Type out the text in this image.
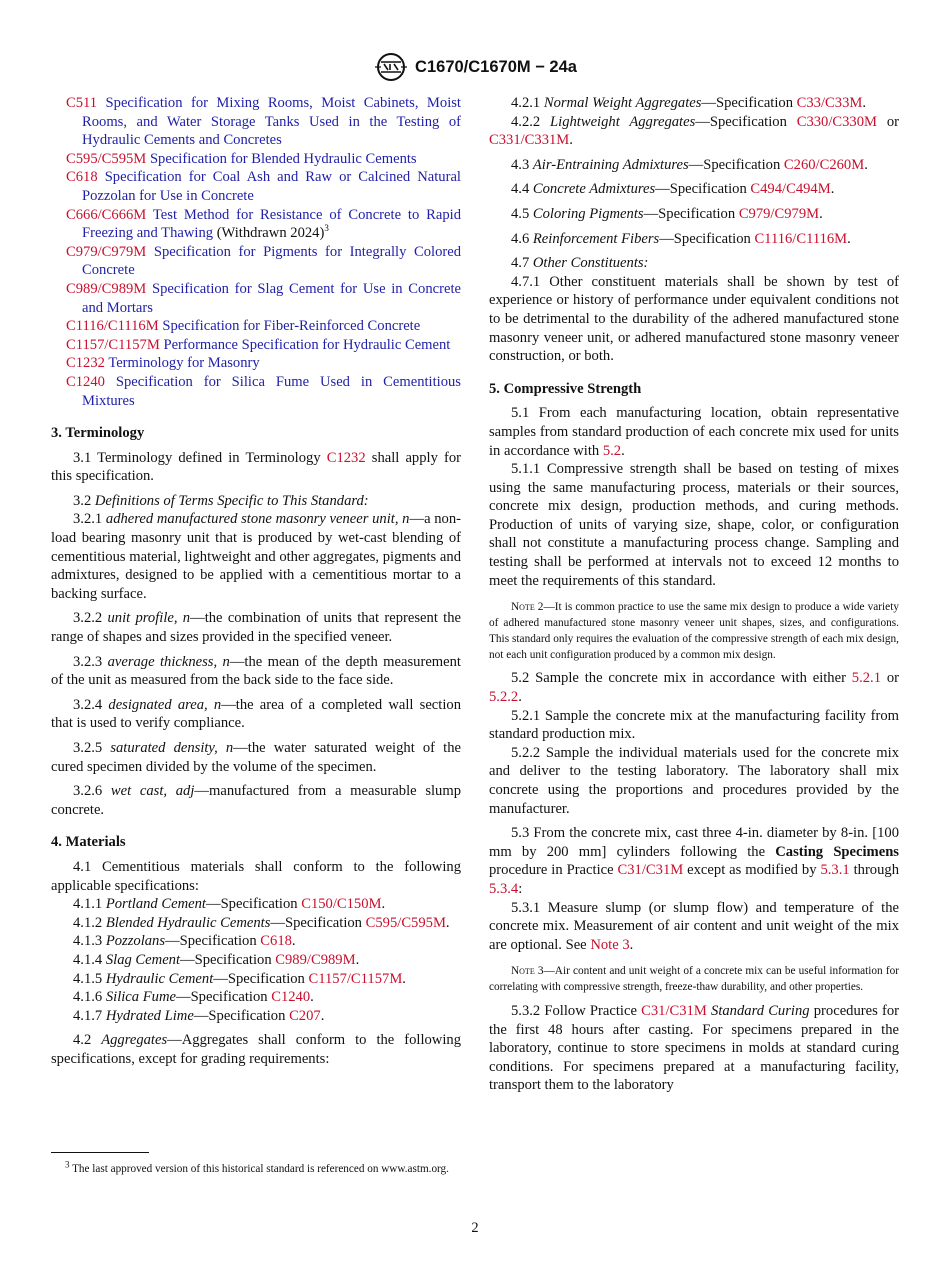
C1670/C1670M − 24a

C511 Specification for Mixing Rooms, Moist Cabinets, Moist Rooms, and Water Storage Tanks Used in the Testing of Hydraulic Cements and Concretes

C595/C595M Specification for Blended Hydraulic Cements

C618 Specification for Coal Ash and Raw or Calcined Natural Pozzolan for Use in Concrete

C666/C666M Test Method for Resistance of Concrete to Rapid Freezing and Thawing (Withdrawn 2024)$^3$

C979/C979M Specification for Pigments for Integrally Colored Concrete

C989/C989M Specification for Slag Cement for Use in Concrete and Mortars

C1116/C1116M Specification for Fiber-Reinforced Concrete

C1157/C1157M Performance Specification for Hydraulic Cement

C1232 Terminology for Masonry

C1240 Specification for Silica Fume Used in Cementitious Mixtures

3. Terminology

3.1 Terminology defined in Terminology C1232 shall apply for this specification.

3.2 Definitions of Terms Specific to This Standard:

3.2.1 adhered manufactured stone masonry veneer unit, n—a non-load bearing masonry unit that is produced by wet-cast blending of cementitious material, lightweight and other aggregates, pigments and admixtures, designed to be applied with a cementitious mortar to a backing surface.

3.2.2 unit profile, n—the combination of units that represent the range of shapes and sizes provided in the specified veneer.

3.2.3 average thickness, n—the mean of the depth measurement of the unit as measured from the back side to the face side.

3.2.4 designated area, n—the area of a completed wall section that is used to verify compliance.

3.2.5 saturated density, n—the water saturated weight of the cured specimen divided by the volume of the specimen.

3.2.6 wet cast, adj—manufactured from a measurable slump concrete.

4. Materials

4.1 Cementitious materials shall conform to the following applicable specifications:

4.1.1 Portland Cement—Specification C150/C150M.

4.1.2 Blended Hydraulic Cements—Specification C595/C595M.

4.1.3 Pozzolans—Specification C618.

4.1.4 Slag Cement—Specification C989/C989M.

4.1.5 Hydraulic Cement—Specification C1157/C1157M.

4.1.6 Silica Fume—Specification C1240.

4.1.7 Hydrated Lime—Specification C207.

4.2 Aggregates—Aggregates shall conform to the following specifications, except for grading requirements:

$^3$ The last approved version of this historical standard is referenced on www.astm.org.

4.2.1 Normal Weight Aggregates—Specification C33/C33M.

4.2.2 Lightweight Aggregates—Specification C330/C330M or C331/C331M.

4.3 Air-Entraining Admixtures—Specification C260/C260M.

4.4 Concrete Admixtures—Specification C494/C494M.

4.5 Coloring Pigments—Specification C979/C979M.

4.6 Reinforcement Fibers—Specification C1116/C1116M.

4.7 Other Constituents:

4.7.1 Other constituent materials shall be shown by test of experience or history of performance under equivalent conditions not to be detrimental to the durability of the adhered manufactured stone masonry veneer unit, or adhered manufactured stone masonry veneer construction, or both.

5. Compressive Strength

5.1 From each manufacturing location, obtain representative samples from standard production of each concrete mix used for units in accordance with 5.2.

5.1.1 Compressive strength shall be based on testing of mixes using the same manufacturing process, materials or their sources, concrete mix design, production methods, and curing methods. Production of units of varying size, shape, color, or configuration shall not constitute a manufacturing process change. Sampling and testing shall be performed at intervals not to exceed 12 months to meet the requirements of this standard.

Note 2—It is common practice to use the same mix design to produce a wide variety of adhered manufactured stone masonry veneer unit shapes, sizes, and configurations. This standard only requires the evaluation of the compressive strength of each mix design, not each unit configuration produced by a common mix design.

5.2 Sample the concrete mix in accordance with either 5.2.1 or 5.2.2.

5.2.1 Sample the concrete mix at the manufacturing facility from standard production mix.

5.2.2 Sample the individual materials used for the concrete mix and deliver to the testing laboratory. The laboratory shall mix concrete using the proportions and procedures provided by the manufacturer.

5.3 From the concrete mix, cast three 4-in. diameter by 8-in. [100 mm by 200 mm] cylinders following the Casting Specimens procedure in Practice C31/C31M except as modified by 5.3.1 through 5.3.4:

5.3.1 Measure slump (or slump flow) and temperature of the concrete mix. Measurement of air content and unit weight of the mix are optional. See Note 3.

Note 3—Air content and unit weight of a concrete mix can be useful information for correlating with compressive strength, freeze-thaw durability, and other properties.

5.3.2 Follow Practice C31/C31M Standard Curing procedures for the first 48 hours after casting. For specimens prepared in the laboratory, continue to store specimens in molds at standard curing conditions. For specimens prepared at a manufacturing facility, transport them to the laboratory

2
